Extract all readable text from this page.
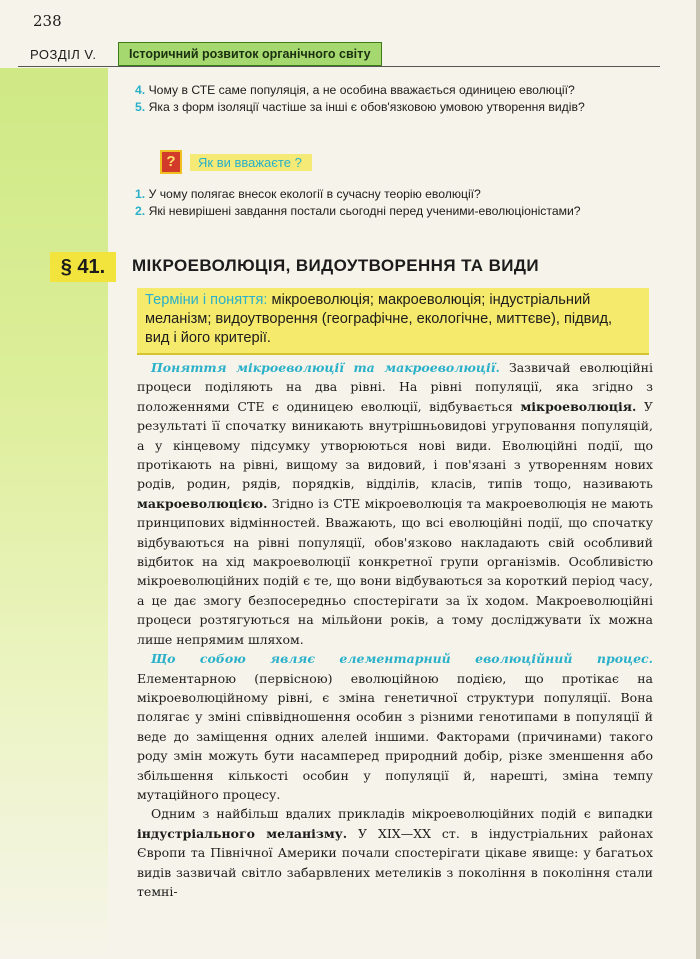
238
РОЗДІЛ V.	Історичний розвиток органічного світу

4. Чому в СТЕ саме популяція, а не особина вважається одиницею еволюції?

5. Яка з форм ізоляції частіше за інші є обов'язковою умовою утворення видів?

?	Як ви вважаєте ?

1. У чому полягає внесок екології в сучасну теорію еволюції?

2. Які невирішені завдання постали сьогодні перед ученими-еволюціоністами?

§ 41.	МІКРОЕВОЛЮЦІЯ, ВИДОУТВОРЕННЯ ТА ВИДИ
Терміни і поняття: мікроеволюція; макроеволюція; індустріальний меланізм; видоутворення (географічне, екологічне, миттєве), підвид, вид і його критерії.

Поняття мікроеволюції та макроеволюції. Зазвичай еволюційні процеси поділяють на два рівні. На рівні популяції, яка згідно з положеннями СТЕ є одиницею еволюції, відбувається мікроеволюція. У результаті її спочатку виникають внутрішньовидові угруповання популяцій, а у кінцевому підсумку утворюються нові види. Еволюційні події, що протікають на рівні, вищому за видовий, і пов'язані з утворенням нових родів, родин, рядів, порядків, відділів, класів, типів тощо, називають макроеволюцією. Згідно із СТЕ мікроеволюція та макроеволюція не мають принципових відмінностей. Вважають, що всі еволюційні події, що спочатку відбуваються на рівні популяції, обов'язково накладають свій особливий відбиток на хід макроеволюції конкретної групи організмів. Особливістю мікроеволюційних подій є те, що вони відбуваються за короткий період часу, а це дає змогу безпосередньо спостерігати за їх ходом. Макроеволюційні процеси розтягуються на мільйони років, а тому досліджувати їх можна лише непрямим шляхом.

Що собою являє елементарний еволюційний процес. Елементарною (первісною) еволюційною подією, що протікає на мікроеволюційному рівні, є зміна генетичної структури популяції. Вона полягає у зміні співвідношення особин з різними генотипами в популяції й веде до заміщення одних алелей іншими. Факторами (причинами) такого роду змін можуть бути насамперед природний добір, різке зменшення або збільшення кількості особин у популяції й, нарешті, зміна темпу мутаційного процесу.

Одним з найбільш вдалих прикладів мікроеволюційних подій є випадки індустріального меланізму. У XIX—XX ст. в індустріальних районах Європи та Північної Америки почали спостерігати цікаве явище: у багатьох видів зазвичай світло забарвлених метеликів з покоління в покоління стали темні-
